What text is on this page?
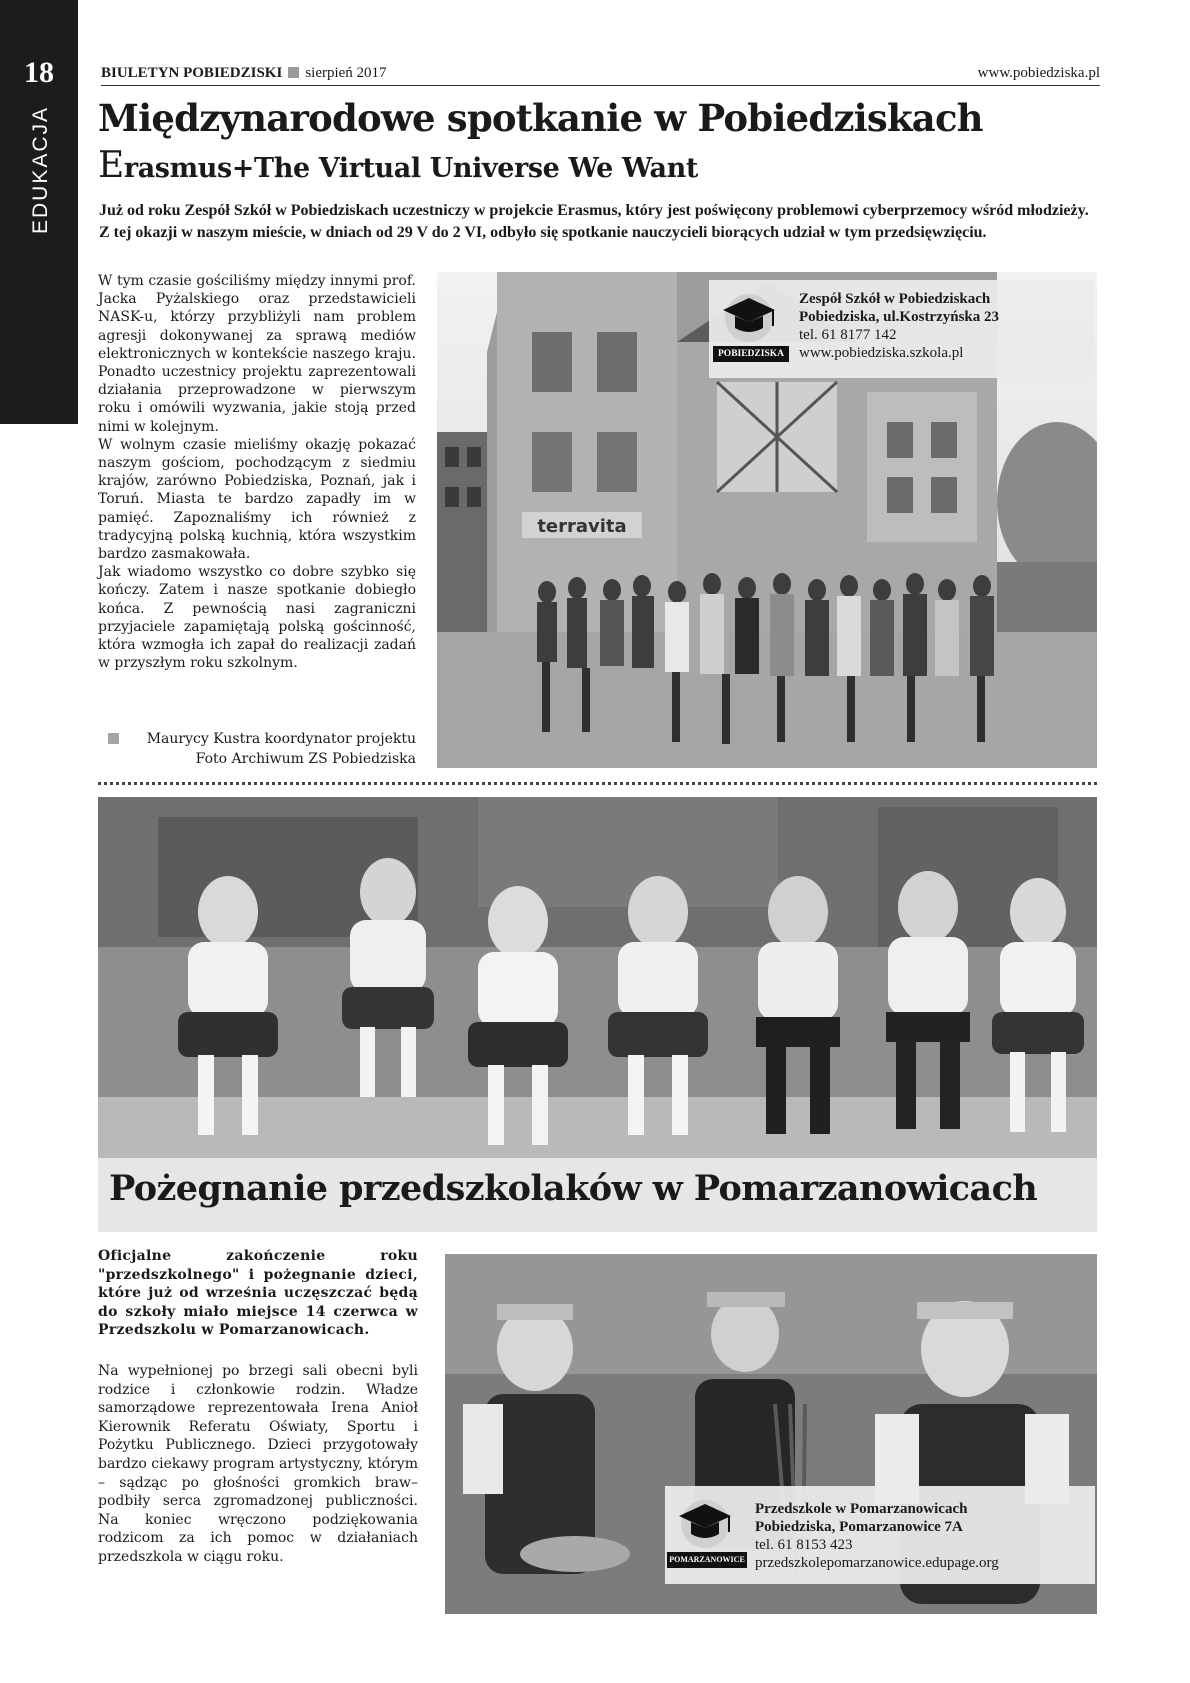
18
EDUKACJA
BIULETYN POBIEDZISKI sierpień 2017	www.pobiedziska.pl
Międzynarodowe spotkanie w Pobiedziskach
Erasmus+The Virtual Universe We Want
Już od roku Zespół Szkół w Pobiedziskach uczestniczy w projekcie Erasmus, który jest poświęcony problemowi cyberprzemocy wśród młodzieży. Z tej okazji w naszym mieście, w dniach od 29 V do 2 VI, odbyło się spotkanie nauczycieli biorących udział w tym przedsięwzięciu.

W tym czasie gościliśmy między innymi prof. Jacka Pyżalskiego oraz przedstawicieli NASK-u, którzy przybliżyli nam problem agresji dokonywanej za sprawą mediów elektronicznych w kontekście naszego kraju. Ponadto uczestnicy projektu zaprezentowali działania przeprowadzone w pierwszym roku i omówili wyzwania, jakie stoją przed nimi w kolejnym.

W wolnym czasie mieliśmy okazję pokazać naszym gościom, pochodzącym z siedmiu krajów, zarówno Pobiedziska, Poznań, jak i Toruń. Miasta te bardzo zapadły im w pamięć. Zapoznaliśmy ich również z tradycyjną polską kuchnią, która wszystkim bardzo zasmakowała.

Jak wiadomo wszystko co dobre szybko się kończy. Zatem i nasze spotkanie dobiegło końca. Z pewnością nasi zagraniczni przyjaciele zapamiętają polską gościnność, która wzmogła ich zapał do realizacji zadań w przyszłym roku szkolnym.

Maurycy Kustra koordynator projektu
Foto Archiwum ZS Pobiedziska
terravita
POBIEDZISKA
Zespół Szkół w Pobiedziskach
Pobiedziska, ul.Kostrzyńska 23
tel. 61 8177 142
www.pobiedziska.szkola.pl
Pożegnanie przedszkolaków w Pomarzanowicach
Oficjalne zakończenie roku "przedszkolnego" i pożegnanie dzieci, które już od września uczęszczać będą do szkoły miało miejsce 14 czerwca w Przedszkolu w Pomarzanowicach.
Na wypełnionej po brzegi sali obecni byli rodzice i członkowie rodzin. Władze samorządowe reprezentowała Irena Anioł Kierownik Referatu Oświaty, Sportu i Pożytku Publicznego. Dzieci przygotowały bardzo ciekawy program artystyczny, którym – sądząc po głośności gromkich braw–podbiły serca zgromadzonej publiczności. Na koniec wręczono podziękowania rodzicom za ich pomoc w działaniach przedszkola w ciągu roku.	POMARZANOWICE
Przedszkole w Pomarzanowicach
Pobiedziska, Pomarzanowice 7A
tel. 61 8153 423
przedszkolepomarzanowice.edupage.org
